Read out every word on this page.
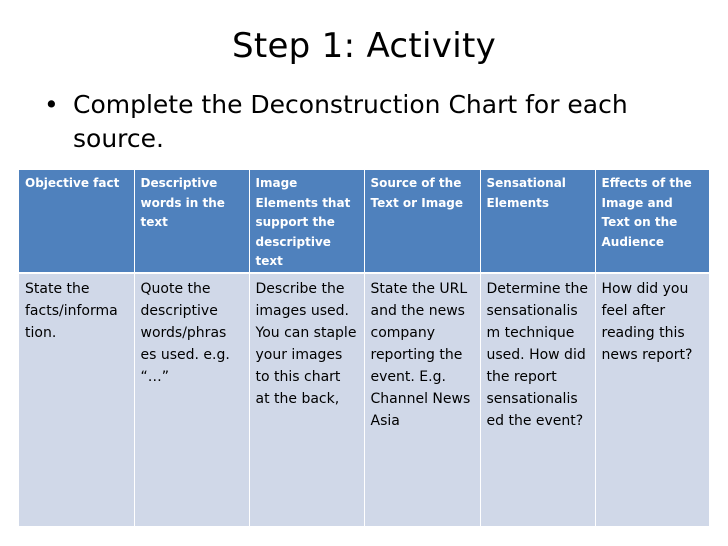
Step 1: Activity
• Complete the Deconstruction Chart for each source.
Objective fact	Descriptive words in the text	Image Elements that support the descriptive text	Source of the Text or Image	Sensational Elements	Effects of the Image and Text on the Audience
State the facts/informa tion.	Quote the descriptive words/phras es used. e.g. “…”	Describe the images used. You can staple your images to this chart at the back,	State the URL and the news company reporting the event. E.g. Channel News Asia	Determine the sensationalis m technique used. How did the report sensationalis ed the event?	How did you feel after reading this news report?
